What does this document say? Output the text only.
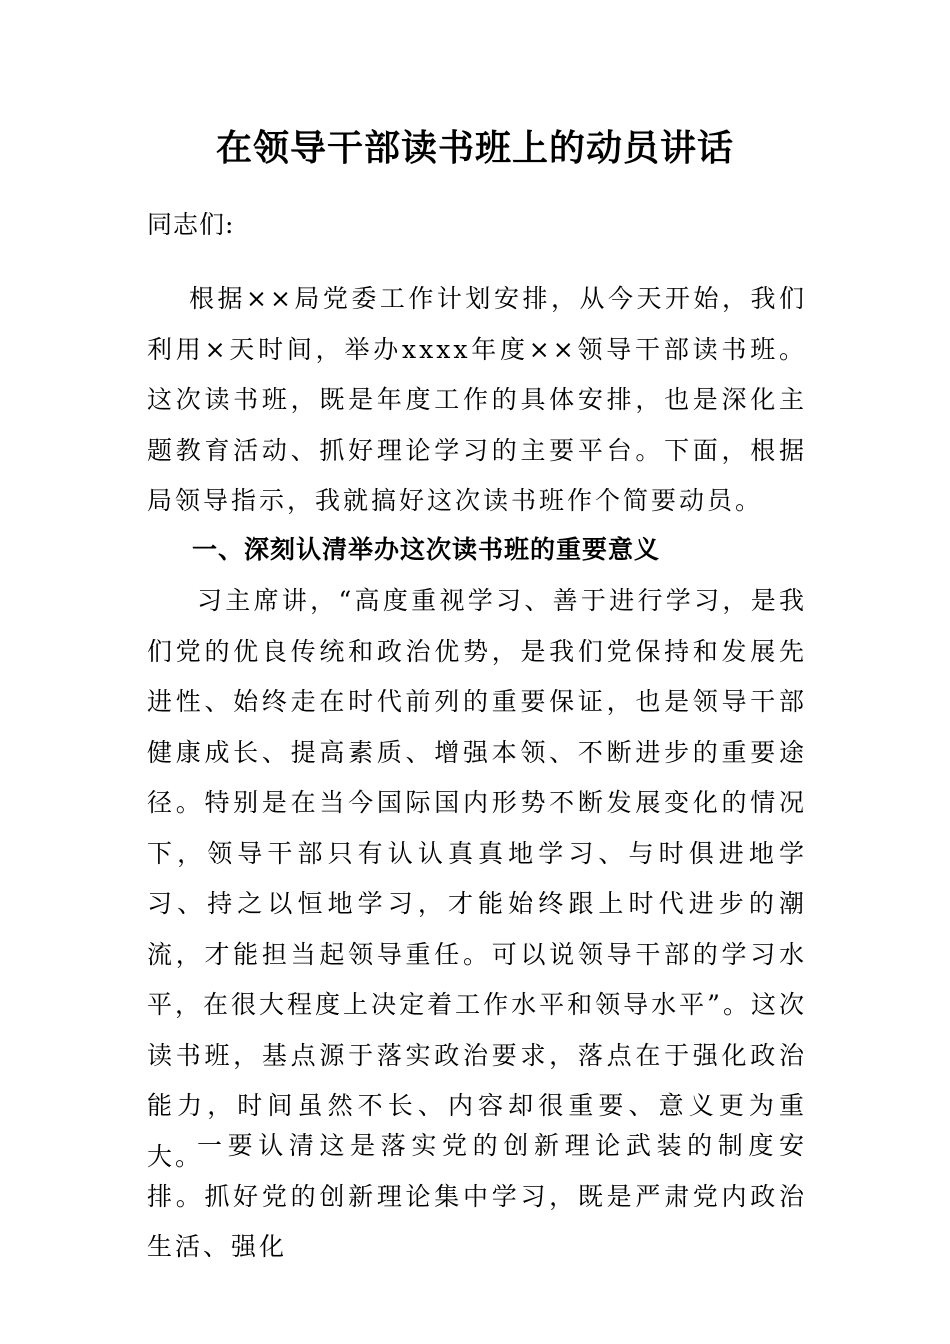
在领导干部读书班上的动员讲话
同志们:
根据××局党委工作计划安排，从今天开始，我们利用×天时间，举办xxxx年度××领导干部读书班。这次读书班，既是年度工作的具体安排，也是深化主题教育活动、抓好理论学习的主要平台。下面，根据局领导指示，我就搞好这次读书班作个简要动员。
一、深刻认清举办这次读书班的重要意义
习主席讲，“高度重视学习、善于进行学习，是我们党的优良传统和政治优势，是我们党保持和发展先进性、始终走在时代前列的重要保证，也是领导干部健康成长、提高素质、增强本领、不断进步的重要途径。特别是在当今国际国内形势不断发展变化的情况下，领导干部只有认认真真地学习、与时俱进地学习、持之以恒地学习，才能始终跟上时代进步的潮流，才能担当起领导重任。可以说领导干部的学习水平，在很大程度上决定着工作水平和领导水平”。这次读书班，基点源于落实政治要求，落点在于强化政治能力，时间虽然不长、内容却很重要、意义更为重大。
一要认清这是落实党的创新理论武装的制度安排。抓好党的创新理论集中学习，既是严肃党内政治生活、强化
